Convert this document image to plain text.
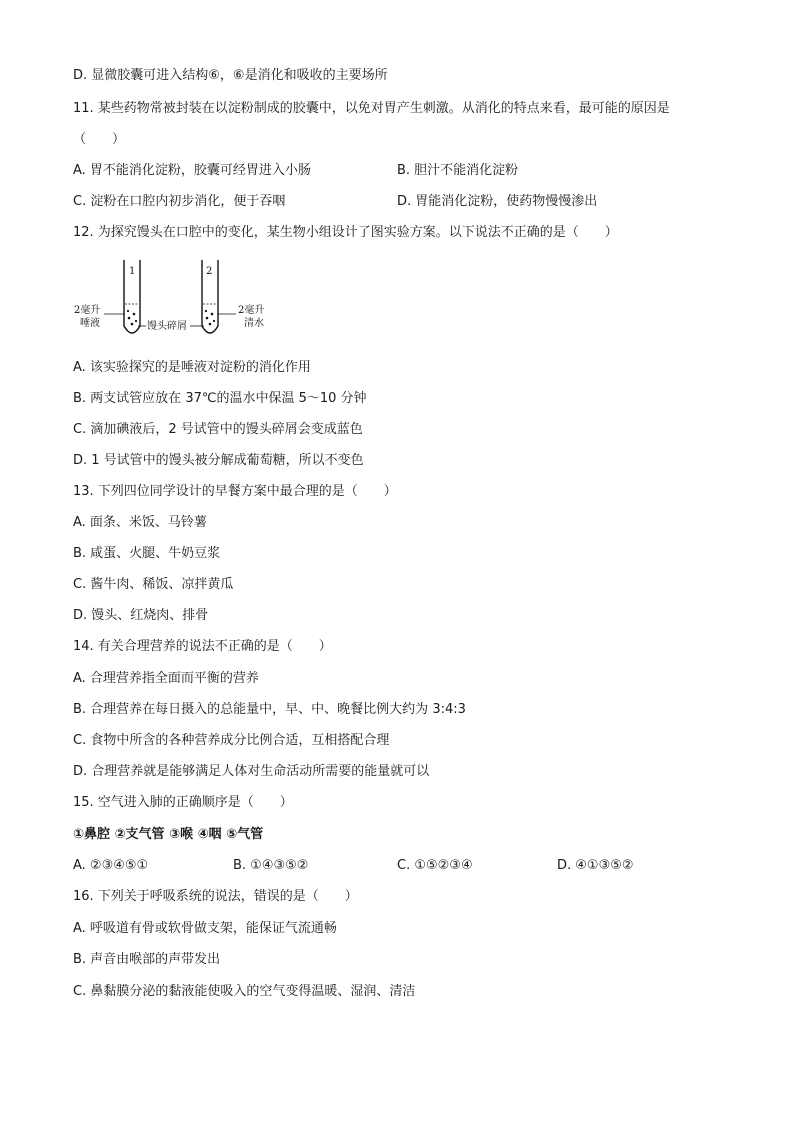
D. 显微胶囊可进入结构⑥，⑥是消化和吸收的主要场所
11. 某些药物常被封装在以淀粉制成的胶囊中，以免对胃产生刺激。从消化的特点来看，最可能的原因是
（　　）
A. 胃不能消化淀粉，胶囊可经胃进入小肠	B. 胆汁不能消化淀粉
C. 淀粉在口腔内初步消化，便于吞咽	D. 胃能消化淀粉，使药物慢慢渗出
12. 为探究馒头在口腔中的变化，某生物小组设计了图实验方案。以下说法不正确的是（　　）
1	2
2毫升
唾液	馒头碎屑
2毫升
清水
A. 该实验探究的是唾液对淀粉的消化作用
B. 两支试管应放在 37℃的温水中保温 5～10 分钟
C. 滴加碘液后，2 号试管中的馒头碎屑会变成蓝色
D. 1 号试管中的馒头被分解成葡萄糖，所以不变色
13. 下列四位同学设计的早餐方案中最合理的是（　　）
A. 面条、米饭、马铃薯
B. 咸蛋、火腿、牛奶豆浆
C. 酱牛肉、稀饭、凉拌黄瓜
D. 馒头、红烧肉、排骨
14. 有关合理营养的说法不正确的是（　　）
A. 合理营养指全面而平衡的营养
B. 合理营养在每日摄入的总能量中，早、中、晚餐比例大约为 3:4:3
C. 食物中所含的各种营养成分比例合适，互相搭配合理
D. 合理营养就是能够满足人体对生命活动所需要的能量就可以
15. 空气进入肺的正确顺序是（　　）
①鼻腔 ②支气管 ③喉 ④咽 ⑤气管
A. ②③④⑤①	B. ①④③⑤②	C. ①⑤②③④	D. ④①③⑤②
16. 下列关于呼吸系统的说法，错误的是（　　）
A. 呼吸道有骨或软骨做支架，能保证气流通畅
B. 声音由喉部的声带发出
C. 鼻黏膜分泌的黏液能使吸入的空气变得温暖、湿润、清洁
